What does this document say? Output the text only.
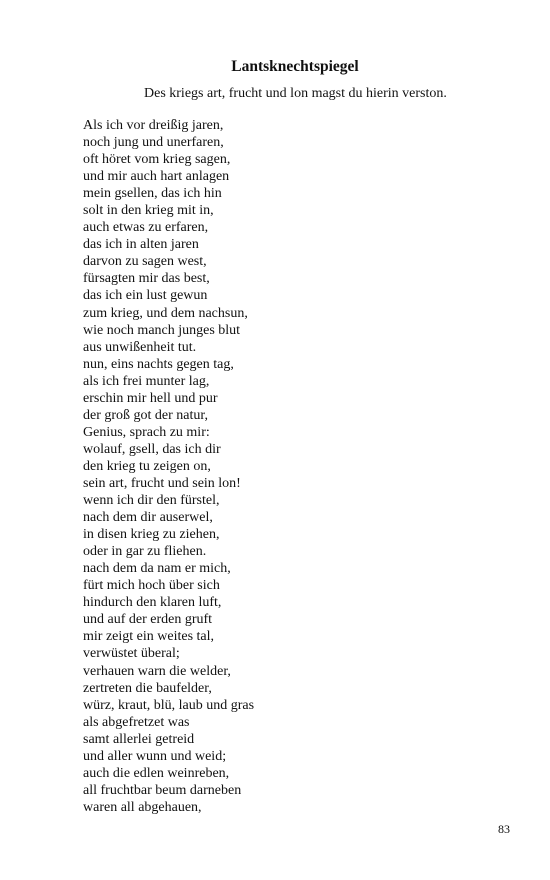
Lantsknechtspiegel

Des kriegs art, frucht und lon magst du hierin verston.

Als ich vor dreißig jaren,
noch jung und unerfaren,
oft höret vom krieg sagen,
und mir auch hart anlagen
mein gsellen, das ich hin
solt in den krieg mit in,
auch etwas zu erfaren,
das ich in alten jaren
darvon zu sagen west,
fürsagten mir das best,
das ich ein lust gewun
zum krieg, und dem nachsun,
wie noch manch junges blut
aus unwißenheit tut.
nun, eins nachts gegen tag,
als ich frei munter lag,
erschin mir hell und pur
der groß got der natur,
Genius, sprach zu mir:
wolauf, gsell, das ich dir
den krieg tu zeigen on,
sein art, frucht und sein lon!
wenn ich dir den fürstel,
nach dem dir auserwel,
in disen krieg zu ziehen,
oder in gar zu fliehen.
nach dem da nam er mich,
fürt mich hoch über sich
hindurch den klaren luft,
und auf der erden gruft
mir zeigt ein weites tal,
verwüstet überal;
verhauen warn die welder,
zertreten die baufelder,
würz, kraut, blü, laub und gras
als abgefretzet was
samt allerlei getreid
und aller wunn und weid;
auch die edlen weinreben,
all fruchtbar beum darneben
waren all abgehauen,
83
